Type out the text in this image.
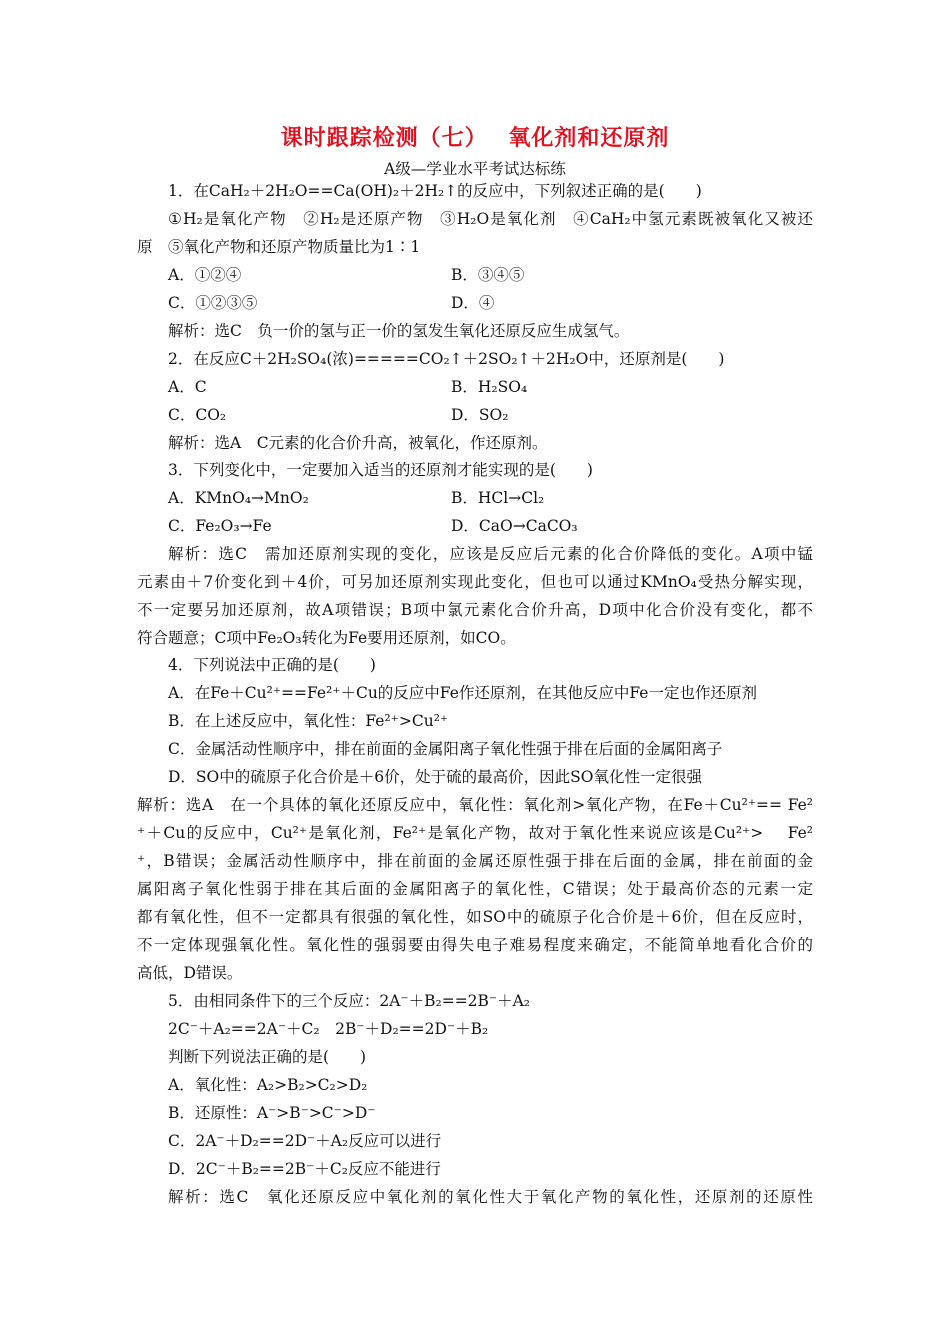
课时跟踪检测（七）　 氧化剂和还原剂
A级—学业水平考试达标练
1．在CaH₂＋2H₂O==Ca(OH)₂＋2H₂↑的反应中，下列叙述正确的是(　　)
①H₂是氧化产物　②H₂是还原产物　③H₂O是氧化剂　④CaH₂中氢元素既被氧化又被还
原　⑤氧化产物和还原产物质量比为1∶1
A．①②④	B．③④⑤
C．①②③⑤	D．④
解析：选C　负一价的氢与正一价的氢发生氧化还原反应生成氢气。
2．在反应C＋2H₂SO₄(浓)=====CO₂↑＋2SO₂↑＋2H₂O中，还原剂是(　　)
A．C	B．H₂SO₄
C．CO₂	D．SO₂
解析：选A　C元素的化合价升高，被氧化，作还原剂。
3．下列变化中，一定要加入适当的还原剂才能实现的是(　　)
A．KMnO₄→MnO₂	B．HCl→Cl₂
C．Fe₂O₃→Fe	D．CaO→CaCO₃
解析：选C　需加还原剂实现的变化，应该是反应后元素的化合价降低的变化。A项中锰
元素由＋7价变化到＋4价，可另加还原剂实现此变化，但也可以通过KMnO₄受热分解实现，
不一定要另加还原剂，故A项错误；B项中氯元素化合价升高，D项中化合价没有变化，都不
符合题意；C项中Fe₂O₃转化为Fe要用还原剂，如CO。
4．下列说法中正确的是(　　)
A．在Fe＋Cu²⁺==Fe²⁺＋Cu的反应中Fe作还原剂，在其他反应中Fe一定也作还原剂
B．在上述反应中，氧化性：Fe²⁺>Cu²⁺
C．金属活动性顺序中，排在前面的金属阳离子氧化性强于排在后面的金属阳离子
D．SO中的硫原子化合价是＋6价，处于硫的最高价，因此SO氧化性一定很强
解析：选A　在一个具体的氧化还原反应中，氧化性：氧化剂>氧化产物，在Fe＋Cu²⁺== Fe²
⁺＋Cu的反应中，Cu²⁺是氧化剂，Fe²⁺是氧化产物，故对于氧化性来说应该是Cu²⁺>　 Fe²
⁺，B错误；金属活动性顺序中，排在前面的金属还原性强于排在后面的金属，排在前面的金
属阳离子氧化性弱于排在其后面的金属阳离子的氧化性，C错误；处于最高价态的元素一定
都有氧化性，但不一定都具有很强的氧化性，如SO中的硫原子化合价是＋6价，但在反应时，
不一定体现强氧化性。氧化性的强弱要由得失电子难易程度来确定，不能简单地看化合价的
高低，D错误。
5．由相同条件下的三个反应：2A⁻＋B₂==2B⁻＋A₂
2C⁻＋A₂==2A⁻＋C₂　2B⁻＋D₂==2D⁻＋B₂
判断下列说法正确的是(　　)
A．氧化性：A₂>B₂>C₂>D₂
B．还原性：A⁻>B⁻>C⁻>D⁻
C．2A⁻＋D₂==2D⁻＋A₂反应可以进行
D．2C⁻＋B₂==2B⁻＋C₂反应不能进行
解析：选C　氧化还原反应中氧化剂的氧化性大于氧化产物的氧化性，还原剂的还原性
